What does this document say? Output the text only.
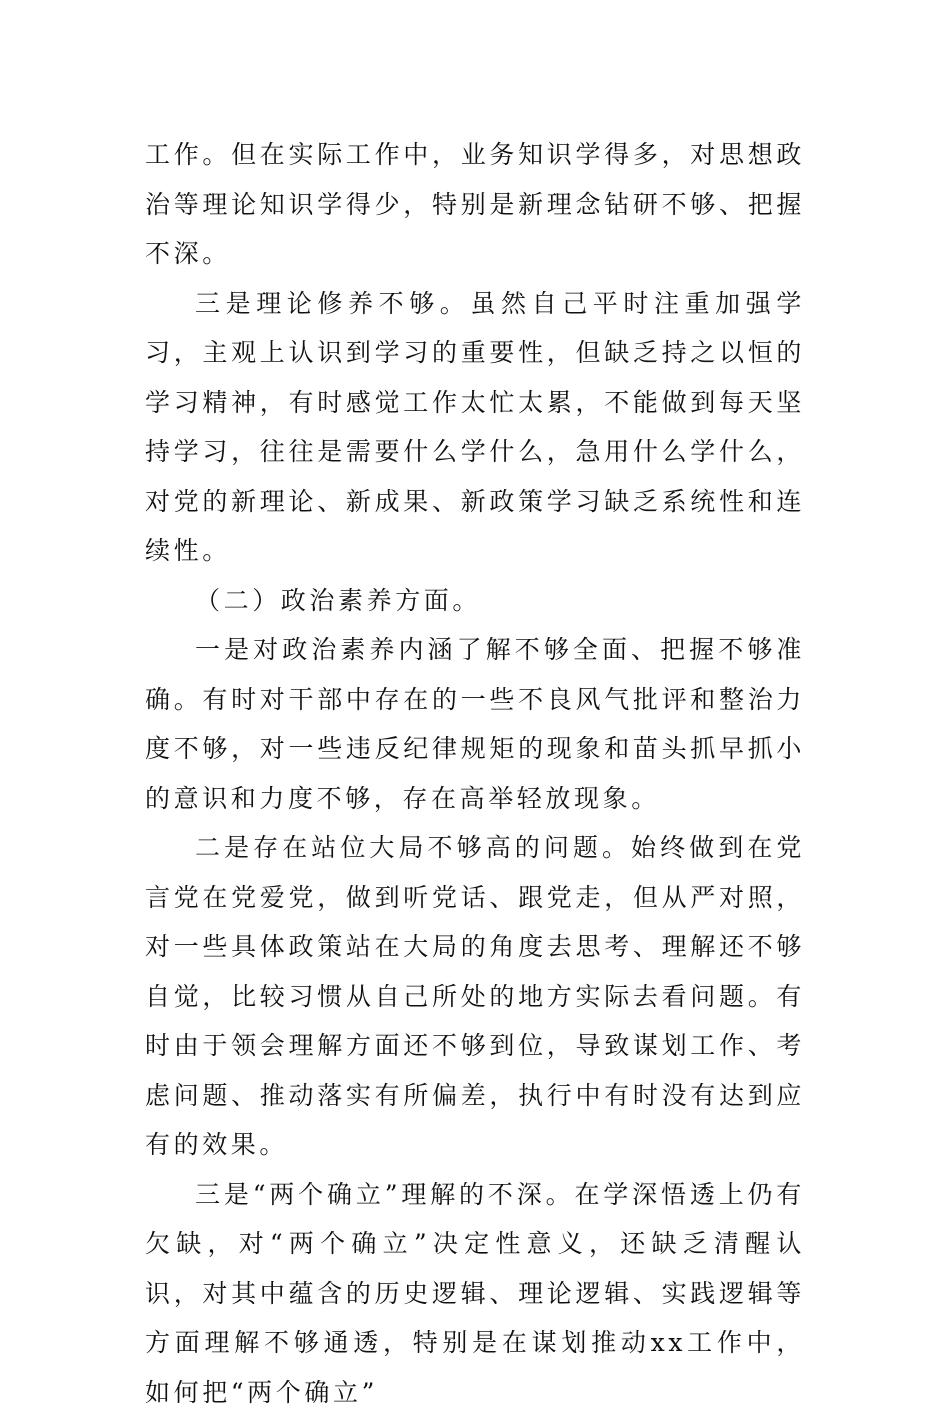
工作。但在实际工作中，业务知识学得多，对思想政治等理论知识学得少，特别是新理念钻研不够、把握不深。

三是理论修养不够。虽然自己平时注重加强学习，主观上认识到学习的重要性，但缺乏持之以恒的学习精神，有时感觉工作太忙太累，不能做到每天坚持学习，往往是需要什么学什么，急用什么学什么，对党的新理论、新成果、新政策学习缺乏系统性和连续性。

（二）政治素养方面。

一是对政治素养内涵了解不够全面、把握不够准确。有时对干部中存在的一些不良风气批评和整治力度不够，对一些违反纪律规矩的现象和苗头抓早抓小的意识和力度不够，存在高举轻放现象。

二是存在站位大局不够高的问题。始终做到在党言党在党爱党，做到听党话、跟党走，但从严对照，对一些具体政策站在大局的角度去思考、理解还不够自觉，比较习惯从自己所处的地方实际去看问题。有时由于领会理解方面还不够到位，导致谋划工作、考虑问题、推动落实有所偏差，执行中有时没有达到应有的效果。

三是“两个确立”理解的不深。在学深悟透上仍有欠缺，对“两个确立”决定性意义，还缺乏清醒认识，对其中蕴含的历史逻辑、理论逻辑、实践逻辑等方面理解不够通透，特别是在谋划推动xx工作中，如何把“两个确立”
